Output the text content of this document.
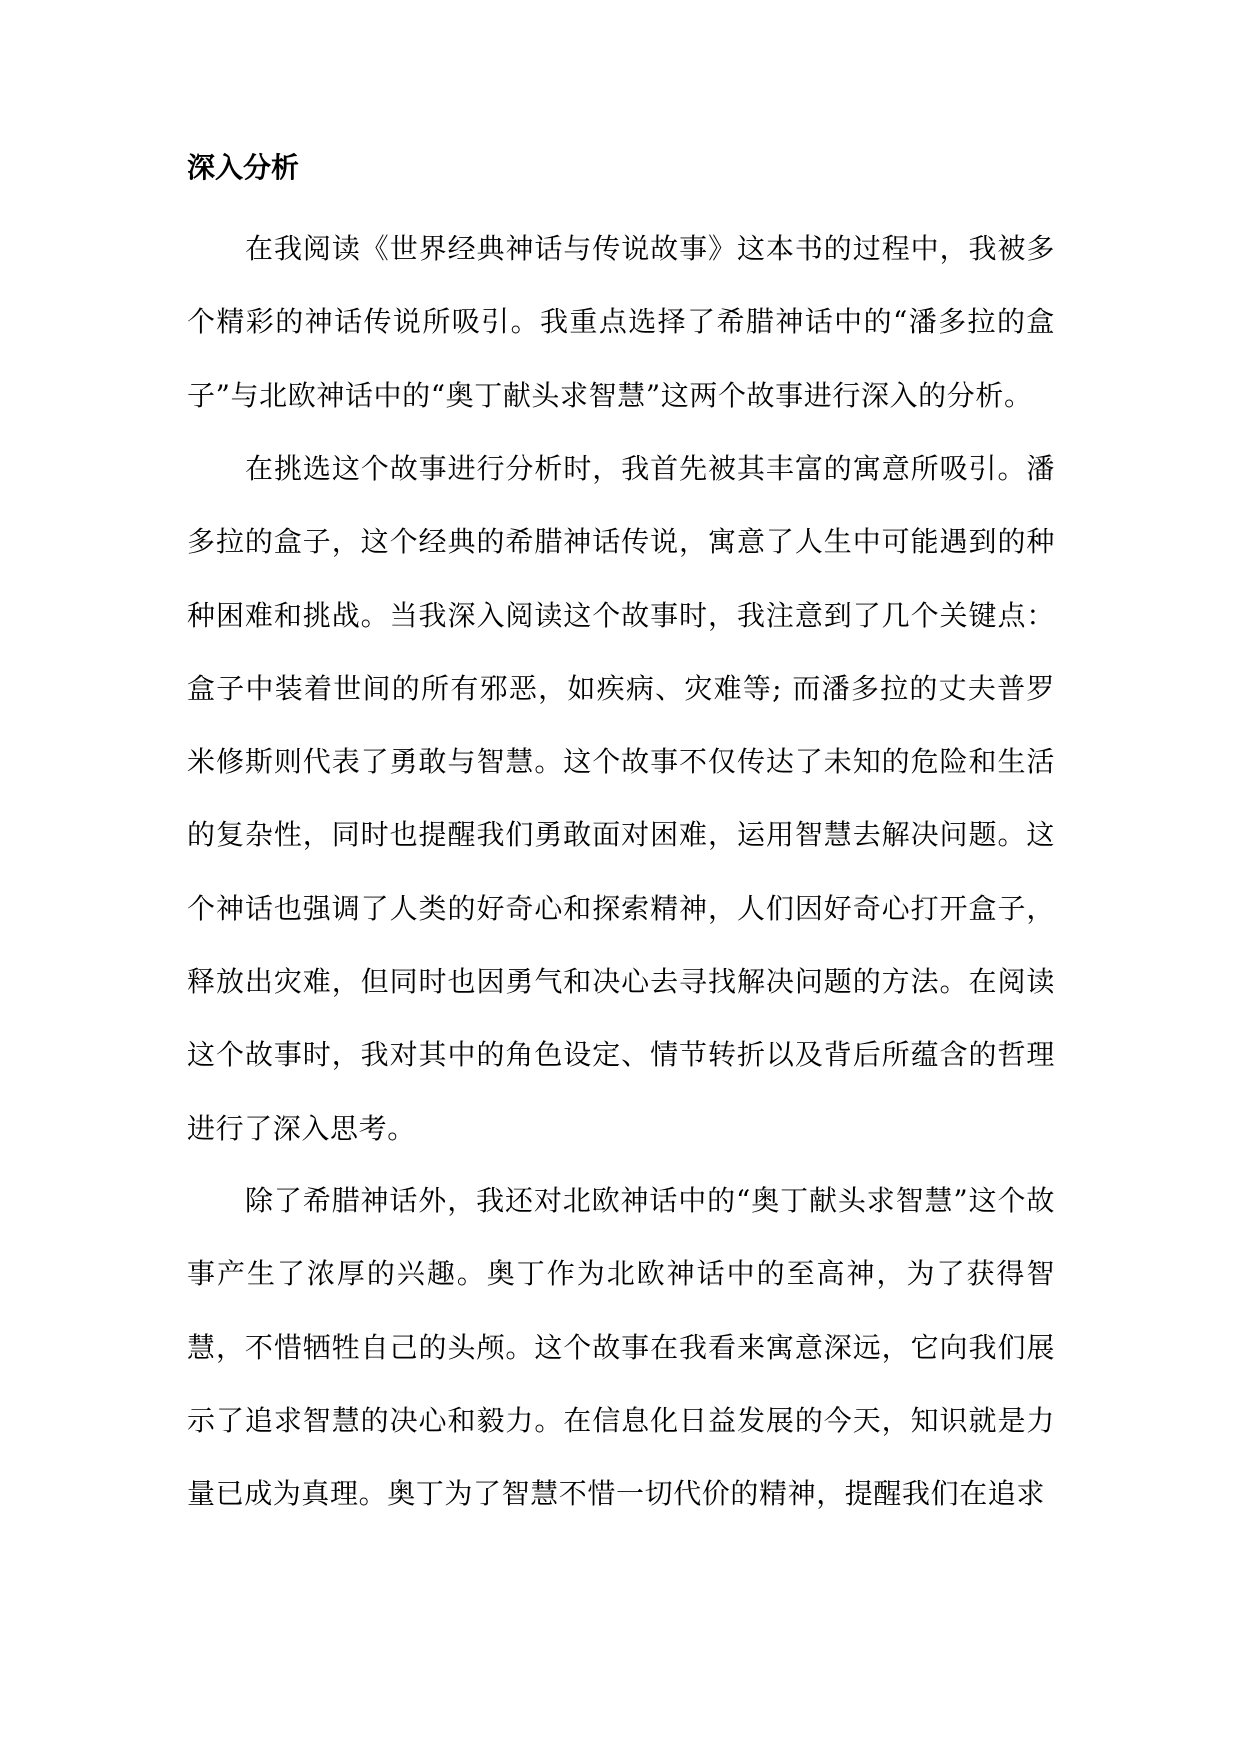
深入分析

在我阅读《世界经典神话与传说故事》这本书的过程中，我被多个精彩的神话传说所吸引。我重点选择了希腊神话中的“潘多拉的盒子”与北欧神话中的“奥丁献头求智慧”这两个故事进行深入的分析。

在挑选这个故事进行分析时，我首先被其丰富的寓意所吸引。潘多拉的盒子，这个经典的希腊神话传说，寓意了人生中可能遇到的种种困难和挑战。当我深入阅读这个故事时，我注意到了几个关键点：盒子中装着世间的所有邪恶，如疾病、灾难等; 而潘多拉的丈夫普罗米修斯则代表了勇敢与智慧。这个故事不仅传达了未知的危险和生活的复杂性，同时也提醒我们勇敢面对困难，运用智慧去解决问题。这个神话也强调了人类的好奇心和探索精神，人们因好奇心打开盒子，释放出灾难，但同时也因勇气和决心去寻找解决问题的方法。在阅读这个故事时，我对其中的角色设定、情节转折以及背后所蕴含的哲理进行了深入思考。

除了希腊神话外，我还对北欧神话中的“奥丁献头求智慧”这个故事产生了浓厚的兴趣。奥丁作为北欧神话中的至高神，为了获得智慧，不惜牺牲自己的头颅。这个故事在我看来寓意深远，它向我们展示了追求智慧的决心和毅力。在信息化日益发展的今天，知识就是力量已成为真理。奥丁为了智慧不惜一切代价的精神，提醒我们在追求
